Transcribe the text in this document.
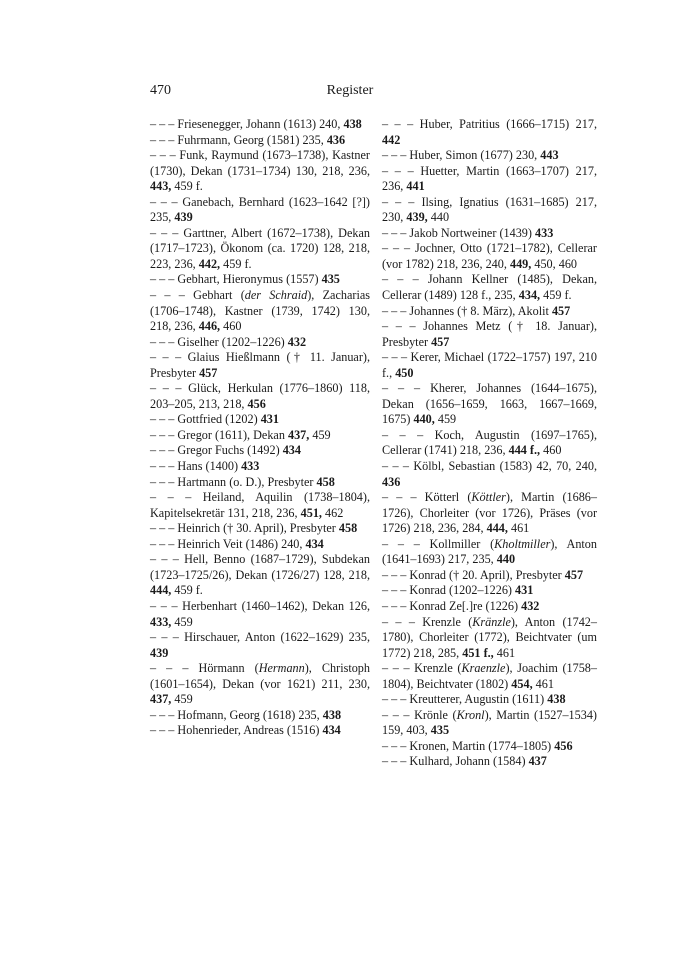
470	Register

– – – Friesenegger, Johann (1613) 240, 438

– – – Fuhrmann, Georg (1581) 235, 436

– – – Funk, Raymund (1673–1738), Kastner (1730), Dekan (1731–1734) 130, 218, 236, 443, 459 f.

– – – Ganebach, Bernhard (1623–1642 [?]) 235, 439

– – – Garttner, Albert (1672–1738), Dekan (1717–1723), Ökonom (ca. 1720) 128, 218, 223, 236, 442, 459 f.

– – – Gebhart, Hieronymus (1557) 435

– – – Gebhart (der Schraid), Zacharias (1706–1748), Kastner (1739, 1742) 130, 218, 236, 446, 460

– – – Giselher (1202–1226) 432

– – – Glaius Hießlmann († 11. Januar), Presbyter 457

– – – Glück, Herkulan (1776–1860) 118, 203–205, 213, 218, 456

– – – Gottfried (1202) 431

– – – Gregor (1611), Dekan 437, 459

– – – Gregor Fuchs (1492) 434

– – – Hans (1400) 433

– – – Hartmann (o. D.), Presbyter 458

– – – Heiland, Aquilin (1738–1804), Kapitelsekretär 131, 218, 236, 451, 462

– – – Heinrich († 30. April), Presbyter 458

– – – Heinrich Veit (1486) 240, 434

– – – Hell, Benno (1687–1729), Subdekan (1723–1725/26), Dekan (1726/27) 128, 218, 444, 459 f.

– – – Herbenhart (1460–1462), Dekan 126, 433, 459

– – – Hirschauer, Anton (1622–1629) 235, 439

– – – Hörmann (Hermann), Christoph (1601–1654), Dekan (vor 1621) 211, 230, 437, 459

– – – Hofmann, Georg (1618) 235, 438

– – – Hohenrieder, Andreas (1516) 434

– – – Huber, Patritius (1666–1715) 217, 442

– – – Huber, Simon (1677) 230, 443

– – – Huetter, Martin (1663–1707) 217, 236, 441

– – – Ilsing, Ignatius (1631–1685) 217, 230, 439, 440

– – – Jakob Nortweiner (1439) 433

– – – Jochner, Otto (1721–1782), Cellerar (vor 1782) 218, 236, 240, 449, 450, 460

– – – Johann Kellner (1485), Dekan, Cellerar (1489) 128 f., 235, 434, 459 f.

– – – Johannes († 8. März), Akolit 457

– – – Johannes Metz († 18. Januar), Presbyter 457

– – – Kerer, Michael (1722–1757) 197, 210 f., 450

– – – Kherer, Johannes (1644–1675), Dekan (1656–1659, 1663, 1667–1669, 1675) 440, 459

– – – Koch, Augustin (1697–1765), Cellerar (1741) 218, 236, 444 f., 460

– – – Kölbl, Sebastian (1583) 42, 70, 240, 436

– – – Kötterl (Köttler), Martin (1686–1726), Chorleiter (vor 1726), Präses (vor 1726) 218, 236, 284, 444, 461

– – – Kollmiller (Kholtmiller), Anton (1641–1693) 217, 235, 440

– – – Konrad († 20. April), Presbyter 457

– – – Konrad (1202–1226) 431

– – – Konrad Ze[.]re (1226) 432

– – – Krenzle (Kränzle), Anton (1742–1780), Chorleiter (1772), Beichtvater (um 1772) 218, 285, 451 f., 461

– – – Krenzle (Kraenzle), Joachim (1758–1804), Beichtvater (1802) 454, 461

– – – Kreutterer, Augustin (1611) 438

– – – Krönle (Kronl), Martin (1527–1534) 159, 403, 435

– – – Kronen, Martin (1774–1805) 456

– – – Kulhard, Johann (1584) 437
